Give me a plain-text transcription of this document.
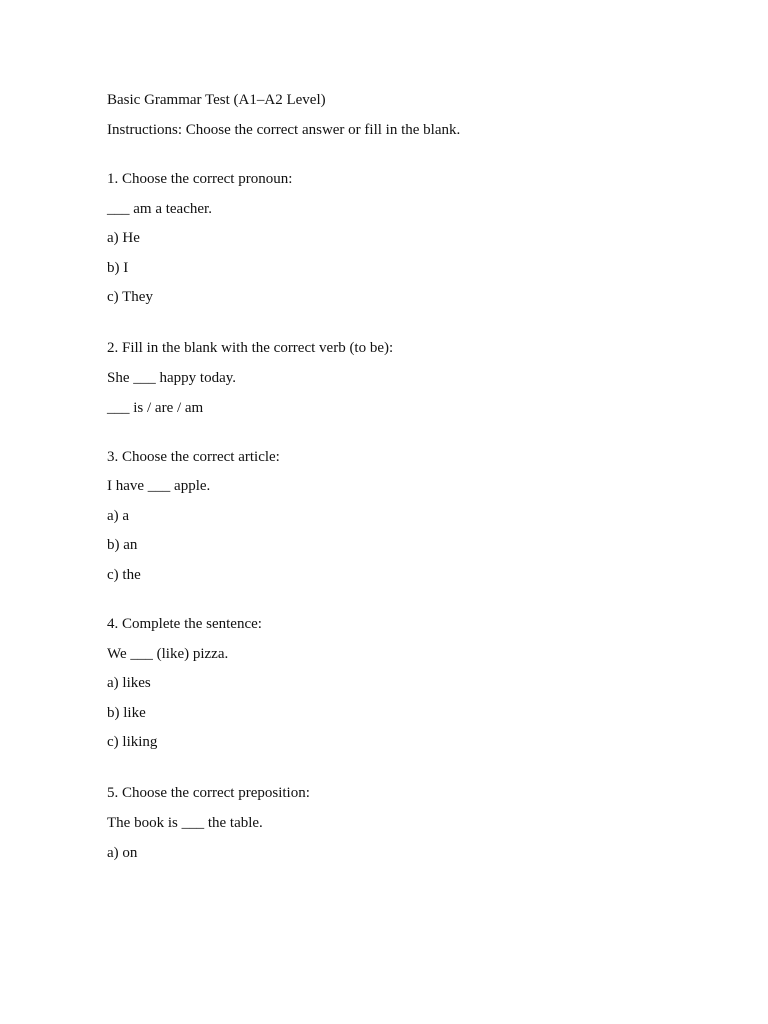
Basic Grammar Test (A1–A2 Level)
Instructions: Choose the correct answer or fill in the blank.
1. Choose the correct pronoun:
___ am a teacher.
a) He
b) I
c) They
2. Fill in the blank with the correct verb (to be):
She ___ happy today.
___ is / are / am
3. Choose the correct article:
I have ___ apple.
a) a
b) an
c) the
4. Complete the sentence:
We ___ (like) pizza.
a) likes
b) like
c) liking
5. Choose the correct preposition:
The book is ___ the table.
a) on
